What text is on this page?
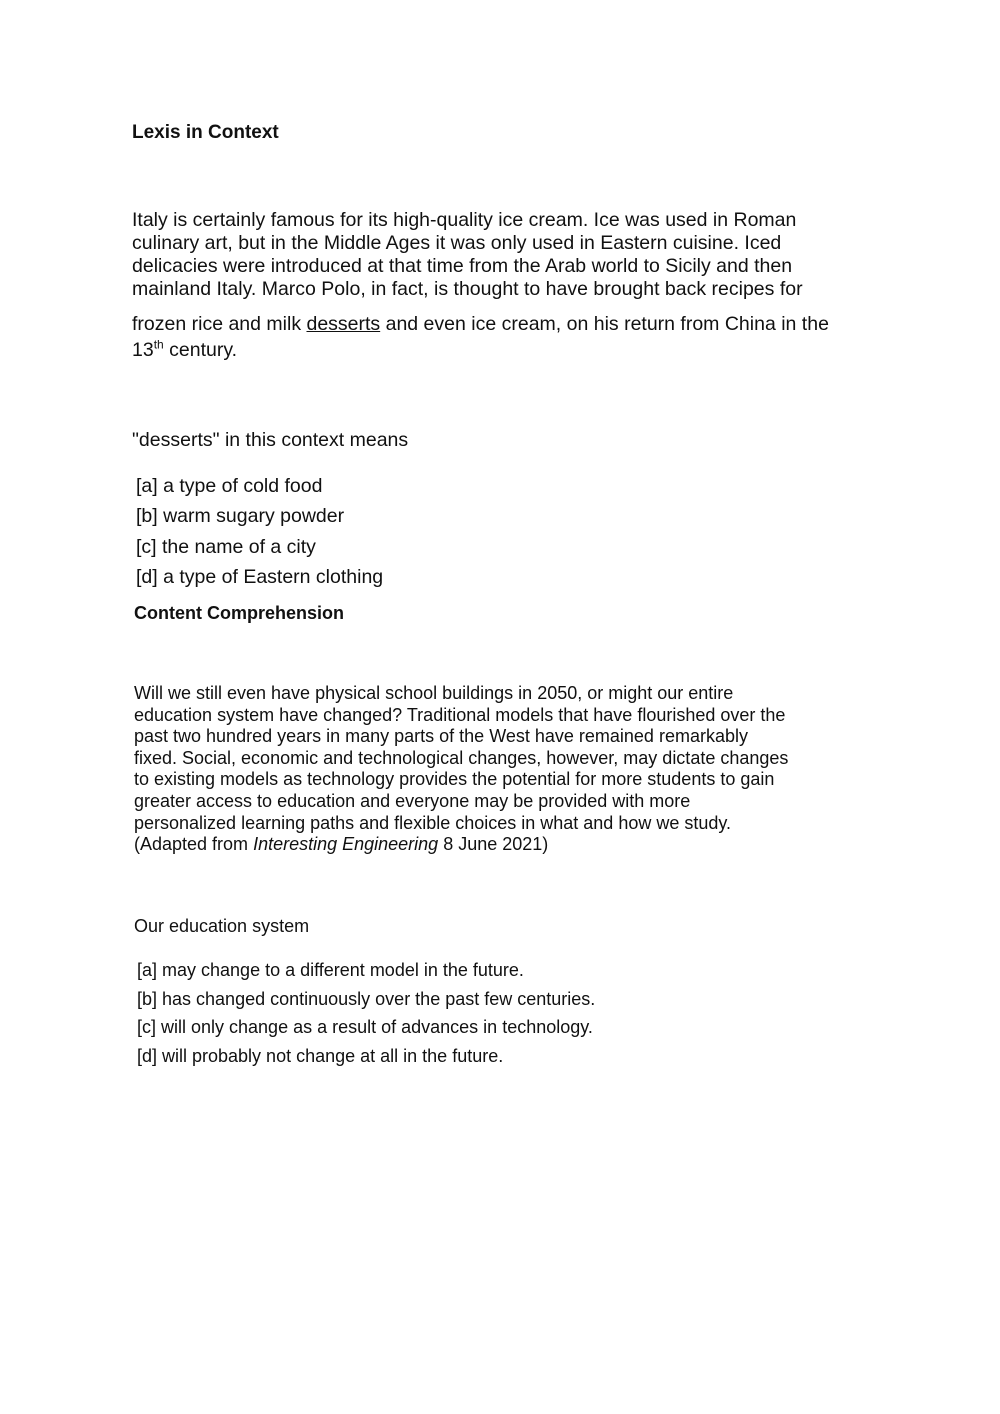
Lexis in Context

Italy is certainly famous for its high-quality ice cream. Ice was used in Roman
culinary art, but in the Middle Ages it was only used in Eastern cuisine. Iced
delicacies were introduced at that time from the Arab world to Sicily and then
mainland Italy. Marco Polo, in fact, is thought to have brought back recipes for
frozen rice and milk desserts and even ice cream, on his return from China in the
13th century.

"desserts" in this context means

[a] a type of cold food
[b] warm sugary powder
[c] the name of a city
[d] a type of Eastern clothing
Content Comprehension

Will we still even have physical school buildings in 2050, or might our entire
education system have changed? Traditional models that have flourished over the
past two hundred years in many parts of the West have remained remarkably
fixed. Social, economic and technological changes, however, may dictate changes
to existing models as technology provides the potential for more students to gain
greater access to education and everyone may be provided with more
personalized learning paths and flexible choices in what and how we study.
(Adapted from Interesting Engineering 8 June 2021)

Our education system

[a] may change to a different model in the future.
[b] has changed continuously over the past few centuries.
[c] will only change as a result of advances in technology.
[d] will probably not change at all in the future.
